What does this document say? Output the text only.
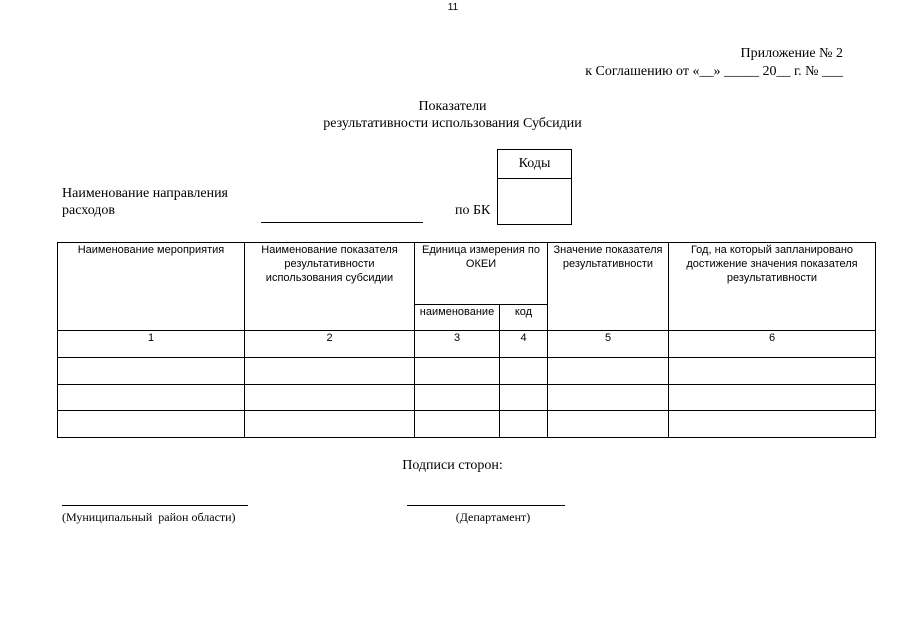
11
Приложение № 2
к Соглашению от «__» _____ 20__ г. № ___
Показатели
результативности использования Субсидии
Коды
Наименование направления
расходов	по БК
Наименование мероприятия	Наименование показателя результативности использования субсидии	Единица измерения по ОКЕИ		Значение показателя результативности	Год, на который запланировано достижение значения показателя результативности
		наименование	код		
1	2	3	4	5	6

Подписи сторон:
(Муниципальный  район области)	(Департамент)
